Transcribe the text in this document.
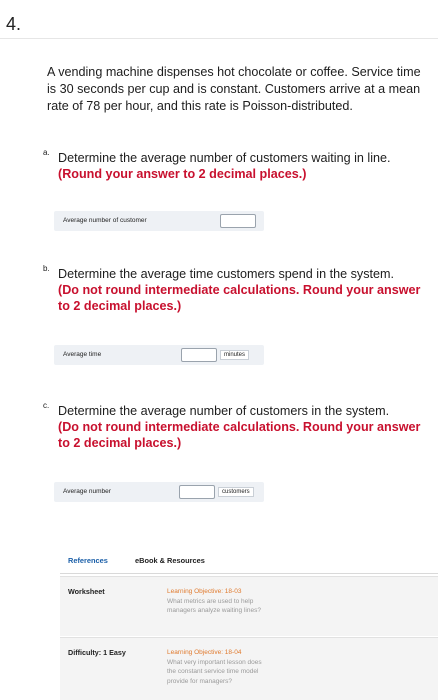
4.
A vending machine dispenses hot chocolate or coffee. Service time is 30 seconds per cup and is constant. Customers arrive at a mean rate of 78 per hour, and this rate is Poisson-distributed.
a. Determine the average number of customers waiting in line.
(Round your answer to 2 decimal places.)
Average number of customer
b. Determine the average time customers spend in the system.
(Do not round intermediate calculations. Round your answer to 2 decimal places.)
Average time	minutes
c. Determine the average number of customers in the system.
(Do not round intermediate calculations. Round your answer to 2 decimal places.)
Average number	customers
References	eBook & Resources
Worksheet	Learning Objective: 18-03
What metrics are used to help managers analyze waiting lines?
Difficulty: 1 Easy	Learning Objective: 18-04
What very important lesson does the constant service time model provide for managers?
